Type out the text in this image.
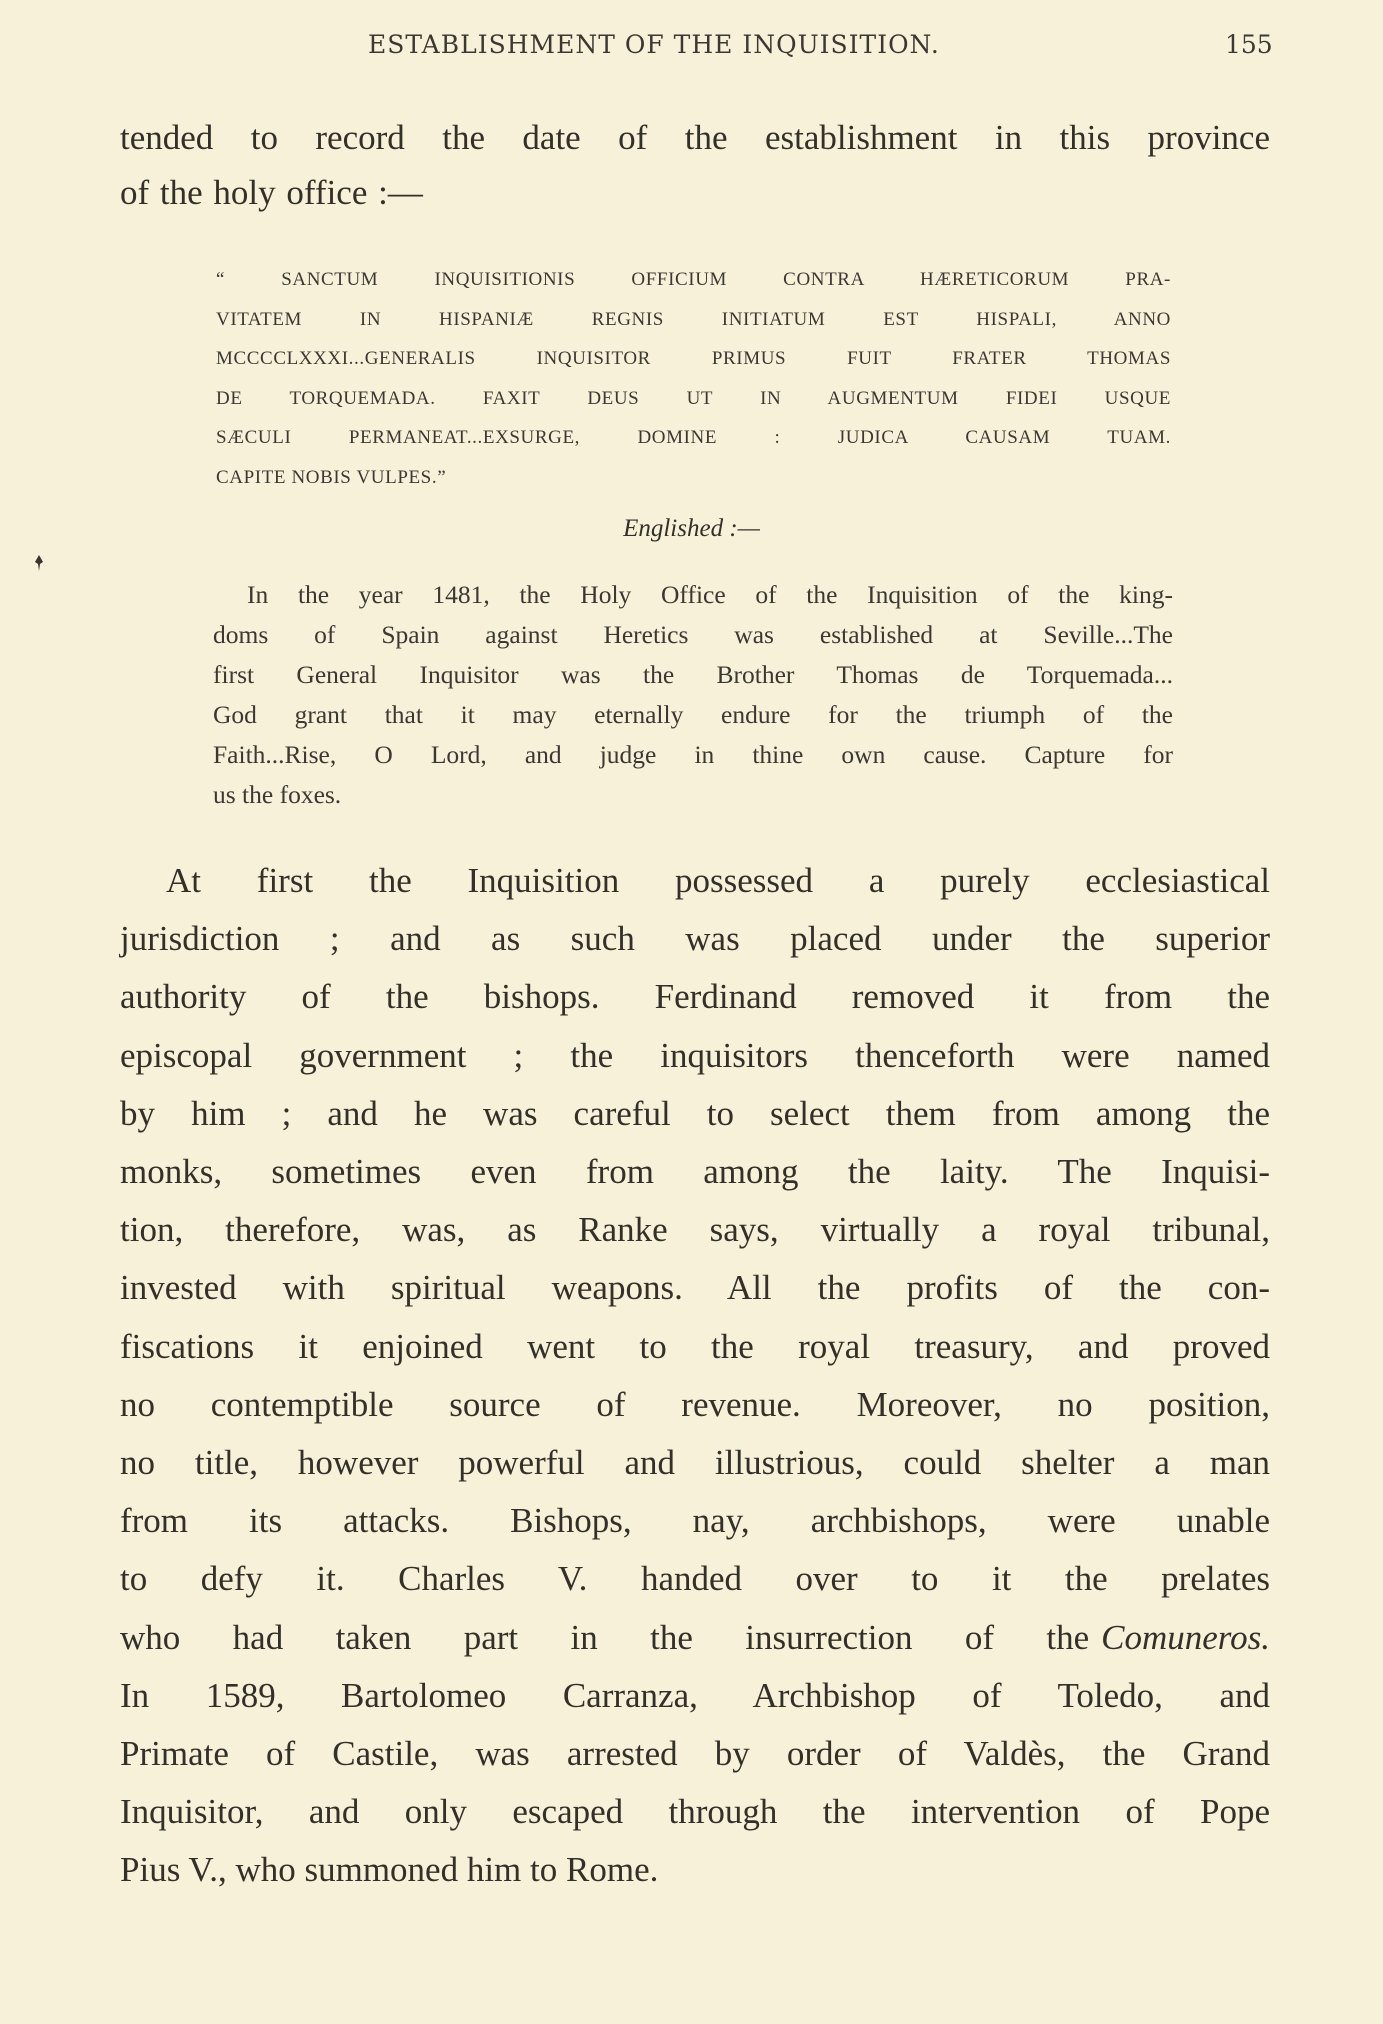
ESTABLISHMENT OF THE INQUISITION.	155
tended to record the date of the establishment in this province
of the holy office :—
“ SANCTUM INQUISITIONIS OFFICIUM CONTRA HÆRETICORUM PRA-
VITATEM IN HISPANIÆ REGNIS INITIATUM EST HISPALI, ANNO
MCCCCLXXXI...GENERALIS INQUISITOR PRIMUS FUIT FRATER THOMAS
DE TORQUEMADA. FAXIT DEUS UT IN AUGMENTUM FIDEI USQUE
SÆCULI PERMANEAT...EXSURGE, DOMINE : JUDICA CAUSAM TUAM.
CAPITE NOBIS VULPES.”
Englished :—
In the year 1481, the Holy Office of the Inquisition of the king-
doms of Spain against Heretics was established at Seville...The
first General Inquisitor was the Brother Thomas de Torquemada...
God grant that it may eternally endure for the triumph of the
Faith...Rise, O Lord, and judge in thine own cause. Capture for
us the foxes.
At first the Inquisition possessed a purely ecclesiastical
jurisdiction ; and as such was placed under the superior
authority of the bishops. Ferdinand removed it from the
episcopal government ; the inquisitors thenceforth were named
by him ; and he was careful to select them from among the
monks, sometimes even from among the laity. The Inquisi-
tion, therefore, was, as Ranke says, virtually a royal tribunal,
invested with spiritual weapons. All the profits of the con-
fiscations it enjoined went to the royal treasury, and proved
no contemptible source of revenue. Moreover, no position,
no title, however powerful and illustrious, could shelter a man
from its attacks. Bishops, nay, archbishops, were unable
to defy it. Charles V. handed over to it the prelates
who had taken part in the insurrection of the Comuneros.
In 1589, Bartolomeo Carranza, Archbishop of Toledo, and
Primate of Castile, was arrested by order of Valdès, the Grand
Inquisitor, and only escaped through the intervention of Pope
Pius V., who summoned him to Rome.
